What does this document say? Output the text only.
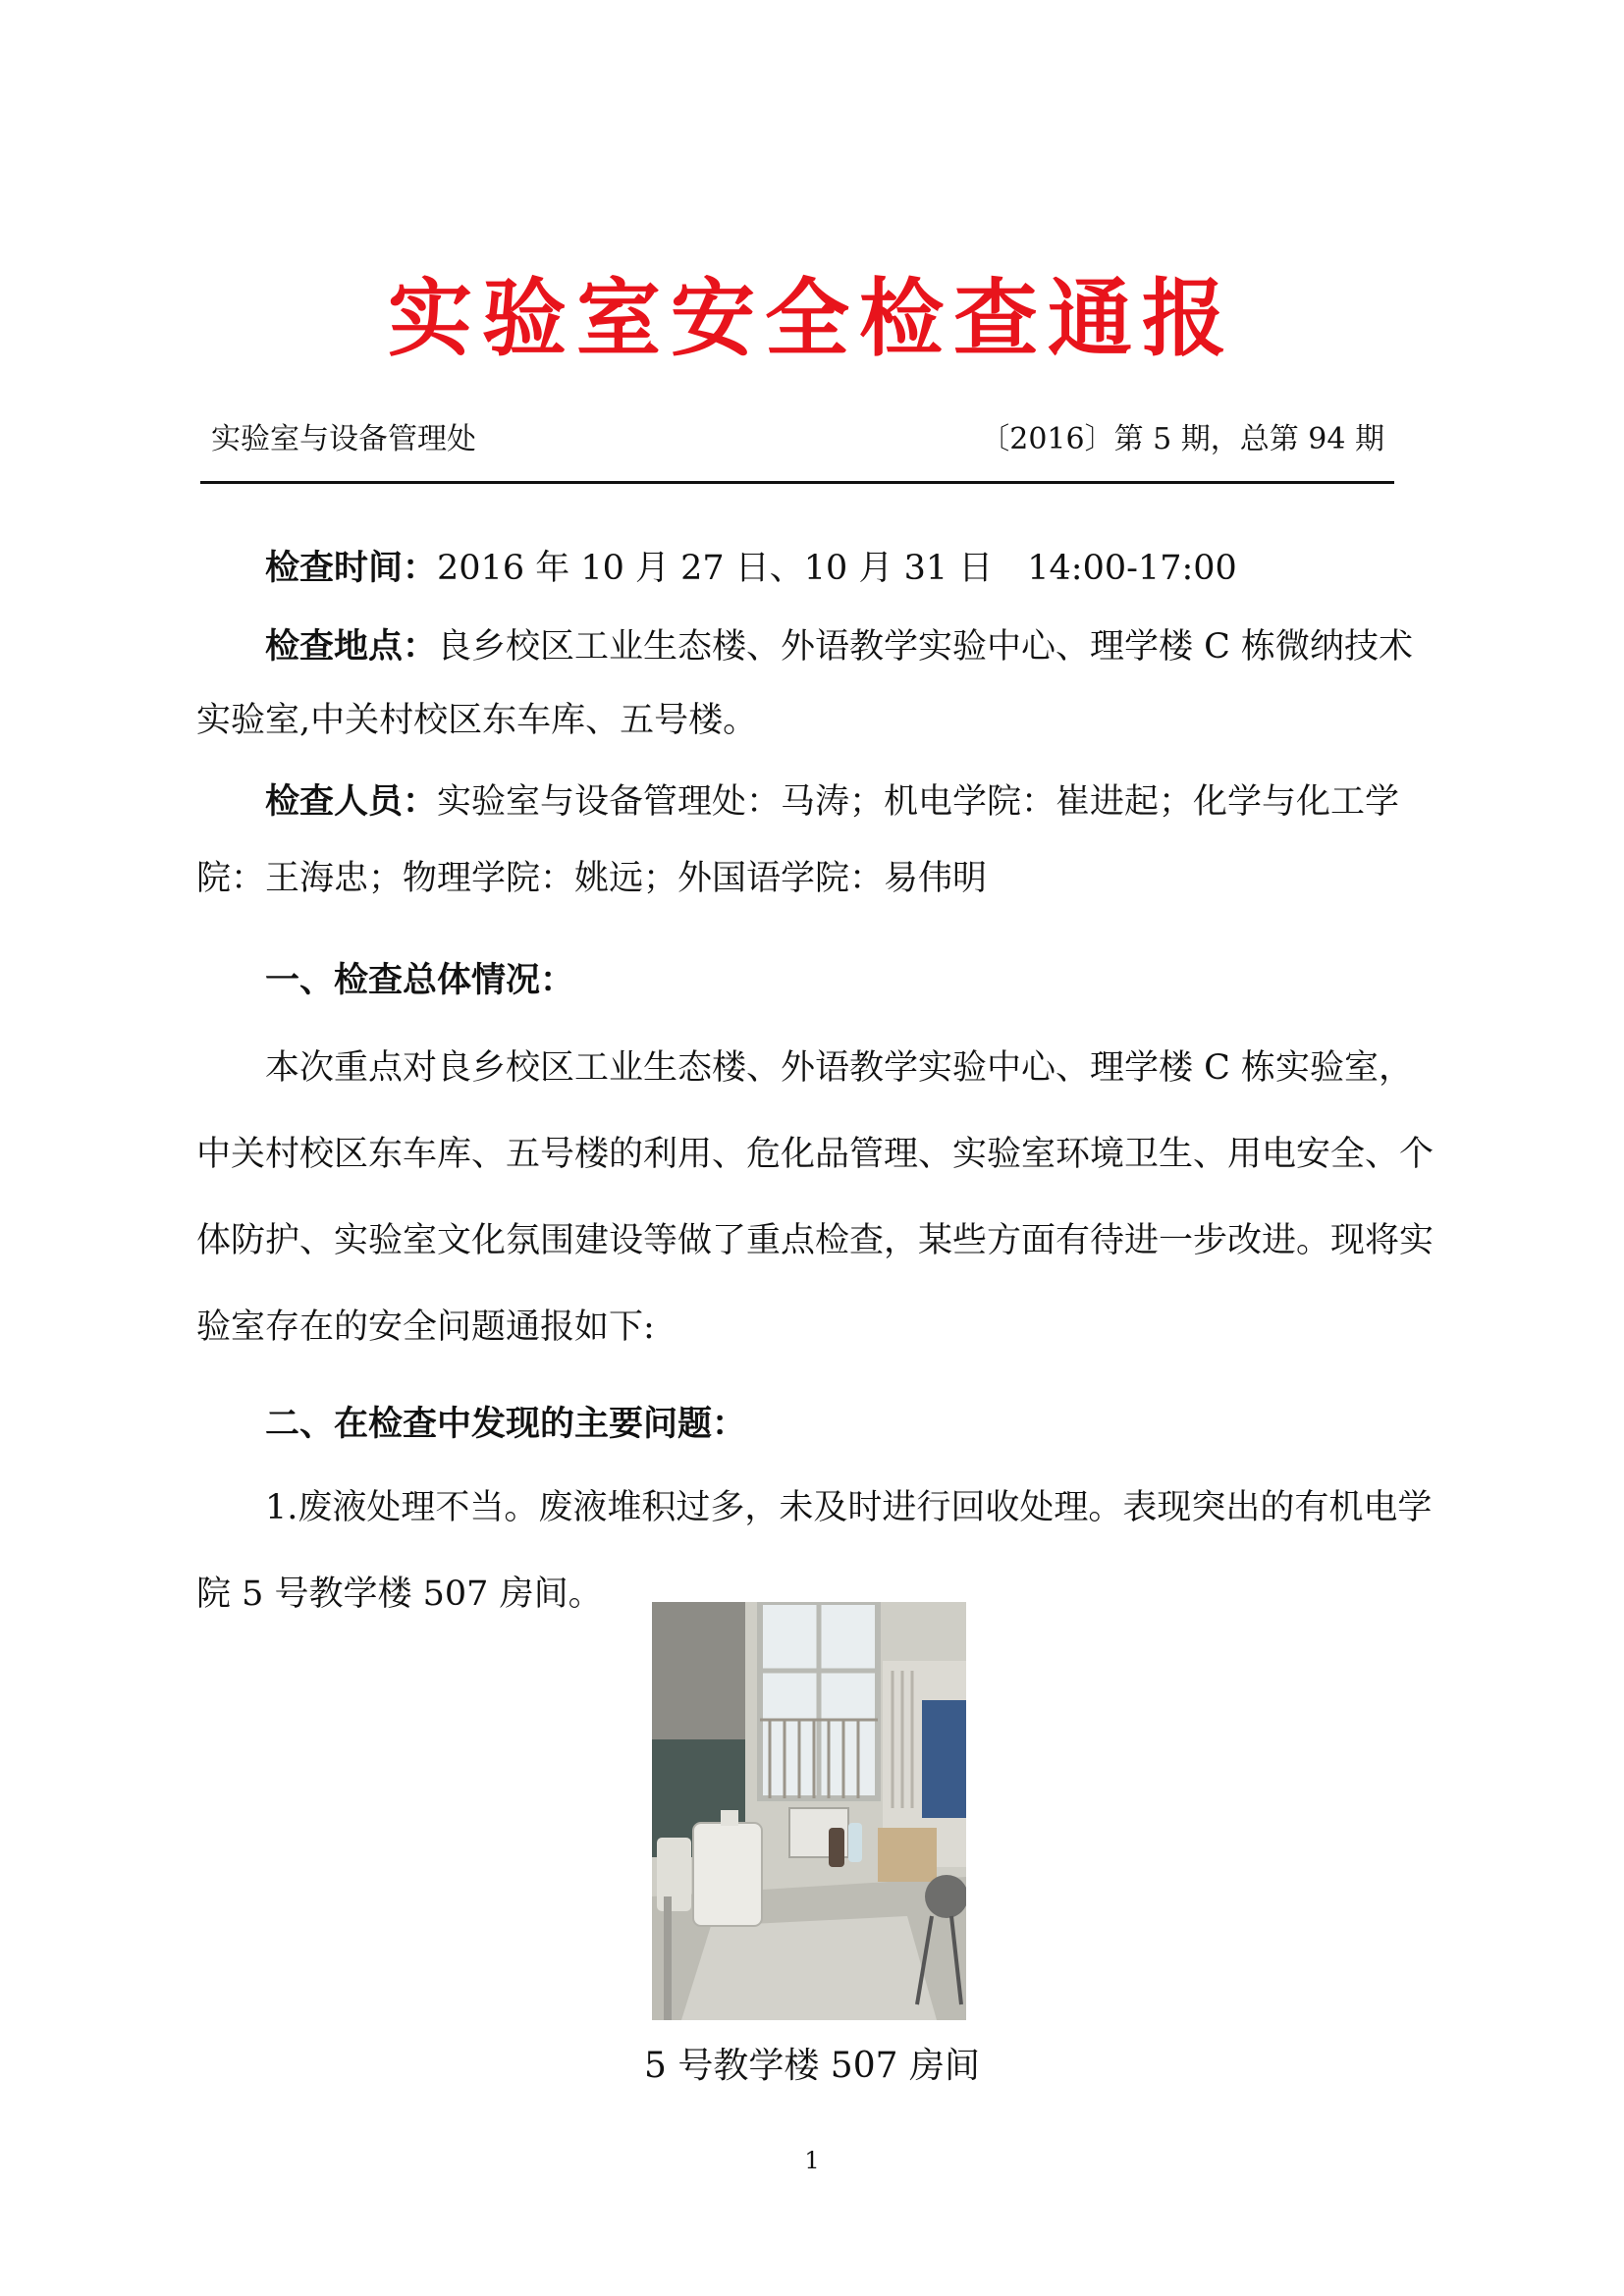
实验室安全检查通报
实验室与设备管理处	〔2016〕第 5 期，总第 94 期

检查时间：2016 年 10 月 27 日、10 月 31 日　14:00-17:00

检查地点：良乡校区工业生态楼、外语教学实验中心、理学楼 C 栋微纳技术实验室,中关村校区东车库、五号楼。

检查人员：实验室与设备管理处：马涛；机电学院：崔进起；化学与化工学院：王海忠；物理学院：姚远；外国语学院：易伟明

一、检查总体情况：

本次重点对良乡校区工业生态楼、外语教学实验中心、理学楼 C 栋实验室，中关村校区东车库、五号楼的利用、危化品管理、实验室环境卫生、用电安全、个体防护、实验室文化氛围建设等做了重点检查，某些方面有待进一步改进。现将实验室存在的安全问题通报如下:

二、在检查中发现的主要问题：

1.废液处理不当。废液堆积过多，未及时进行回收处理。表现突出的有机电学院 5 号教学楼 507 房间。

5 号教学楼 507 房间
1
